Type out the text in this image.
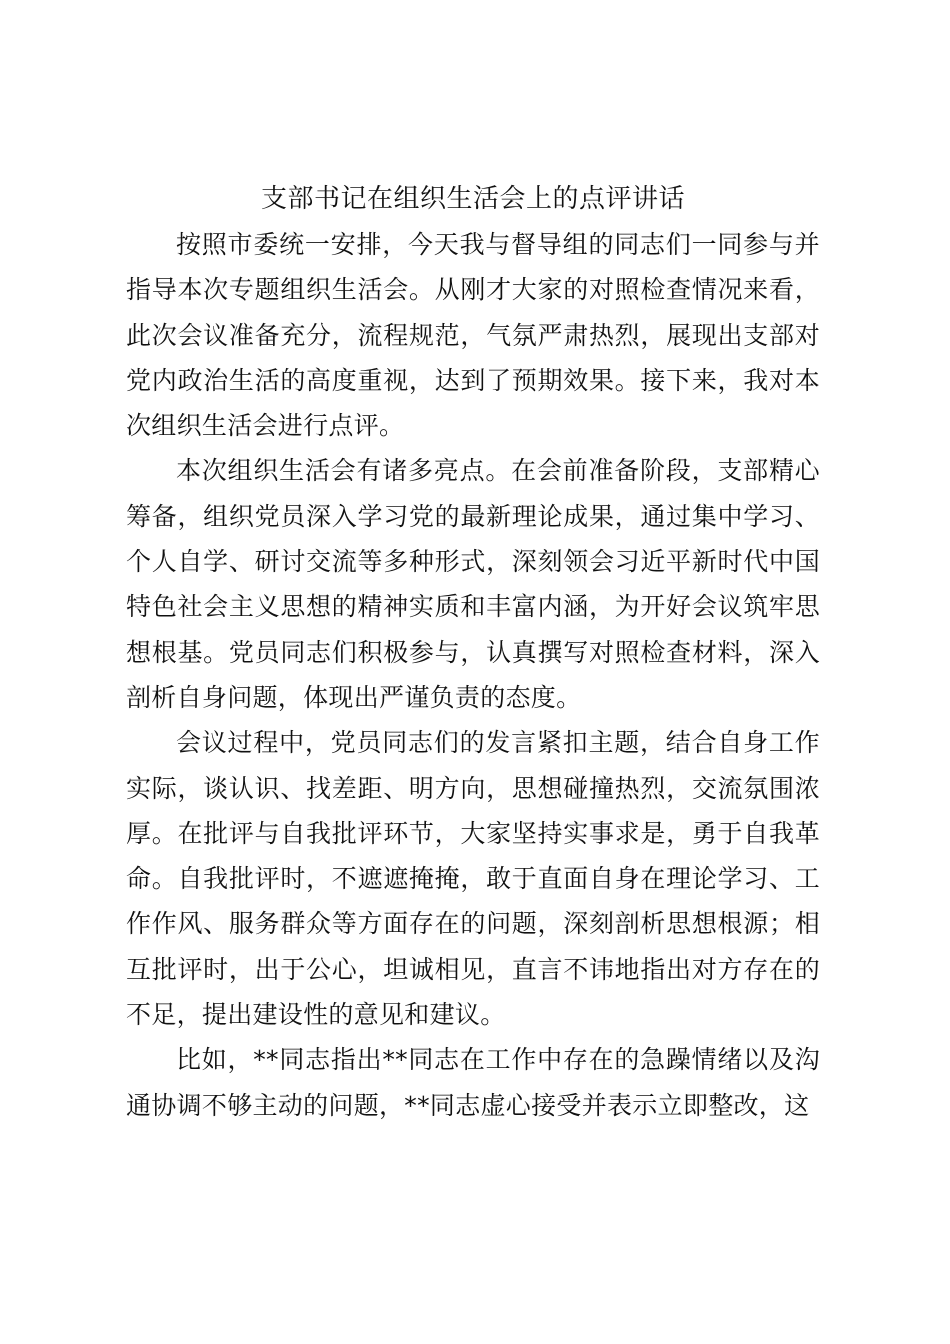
支部书记在组织生活会上的点评讲话

按照市委统一安排，今天我与督导组的同志们一同参与并指导本次专题组织生活会。从刚才大家的对照检查情况来看，此次会议准备充分，流程规范，气氛严肃热烈，展现出支部对党内政治生活的高度重视，达到了预期效果。接下来，我对本次组织生活会进行点评。

本次组织生活会有诸多亮点。在会前准备阶段，支部精心筹备，组织党员深入学习党的最新理论成果，通过集中学习、个人自学、研讨交流等多种形式，深刻领会习近平新时代中国特色社会主义思想的精神实质和丰富内涵，为开好会议筑牢思想根基。党员同志们积极参与，认真撰写对照检查材料，深入剖析自身问题，体现出严谨负责的态度。

会议过程中，党员同志们的发言紧扣主题，结合自身工作实际，谈认识、找差距、明方向，思想碰撞热烈，交流氛围浓厚。在批评与自我批评环节，大家坚持实事求是，勇于自我革命。自我批评时，不遮遮掩掩，敢于直面自身在理论学习、工作作风、服务群众等方面存在的问题，深刻剖析思想根源；相互批评时，出于公心，坦诚相见，直言不讳地指出对方存在的不足，提出建设性的意见和建议。

比如，**同志指出**同志在工作中存在的急躁情绪以及沟通协调不够主动的问题，**同志虚心接受并表示立即整改，这
